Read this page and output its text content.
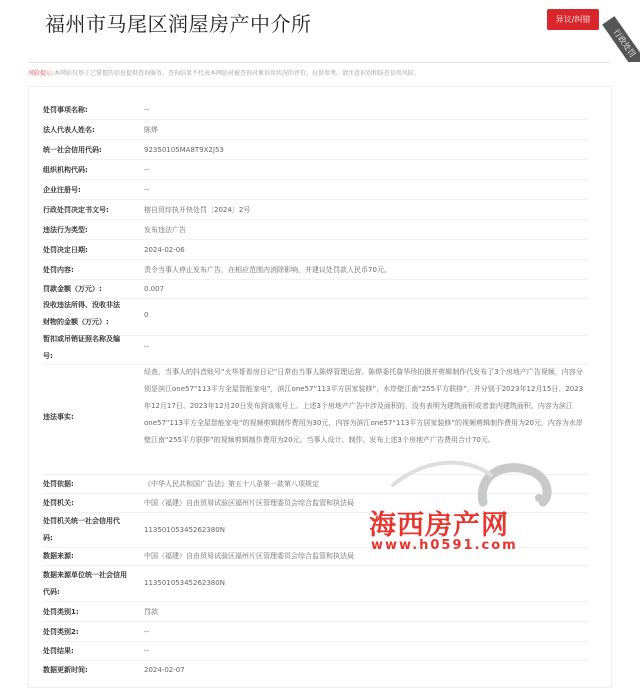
福州市马尾区润屋房产中介所	异议/纠错
行政处罚
风险提示:本网站仅基于已掌握的信息提供查询服务，查询结果不代表本网站对被查询对象信用状况的评价，仅供参考。请注意识别和防范信用风险。
处罚事项名称:	--
法人代表人姓名:	陈烨
统一社会信用代码:	92350105MA8T9X2J53
组织机构代码:	--
企业注册号:	--
行政处罚决定书文号:	榕自贸综执开快处罚〔2024〕2号
违法行为类型:	发布违法广告
处罚决定日期:	2024-02-06
处罚内容:	责令当事人停止发布广告，在相应范围内消除影响，并建议处罚款人民币70元。
罚款金额（万元）:	0.007
没收违法所得、没收非法财物的金额（万元）:
0
暂扣或吊销证照名称及编号:
--
违法事实:
经查，当事人的抖音账号“火华哥看房日记”日常由当事人陈烨管理运营。陈烨委托詹华珍拍摄并剪辑制作代发布了3个房地产广告视频，内容分别是滨江one57“113平方全屋智能家电”，滨江one57“113平方居家装修”，水岸壁江南“255平方联排”，并分别于2023年12月15日、2023年12月17日、2023年12月20日发布到该账号上。上述3个房地产广告中涉及面积的，没有表明为建筑面积或者套内建筑面积。内容为滨江one57“113平方全屋智能家电”的视频剪辑制作费用为30元，内容为滨江one57“113平方居家装修”的视频剪辑制作费用为20元，内容为水岸壁江南“255平方联排”的视频剪辑制作费用为20元。当事人设计、制作、发布上述3个房地产广告费用合计70元。
处罚依据:	《中华人民共和国广告法》第五十八条第一款第八项规定
处罚机关:	中国（福建）自由贸易试验区福州片区管理委员会综合监管和执法局
处罚机关统一社会信用代码:
11350105345262380N
数据来源:	中国（福建）自由贸易试验区福州片区管理委员会综合监管和执法局
数据来源单位统一社会信用代码:
11350105345262380N
处罚类别1:	罚款
处罚类别2:	--
处罚结果:	--
数据更新时间:	2024-02-07
海西房产网
www.h0591.com
